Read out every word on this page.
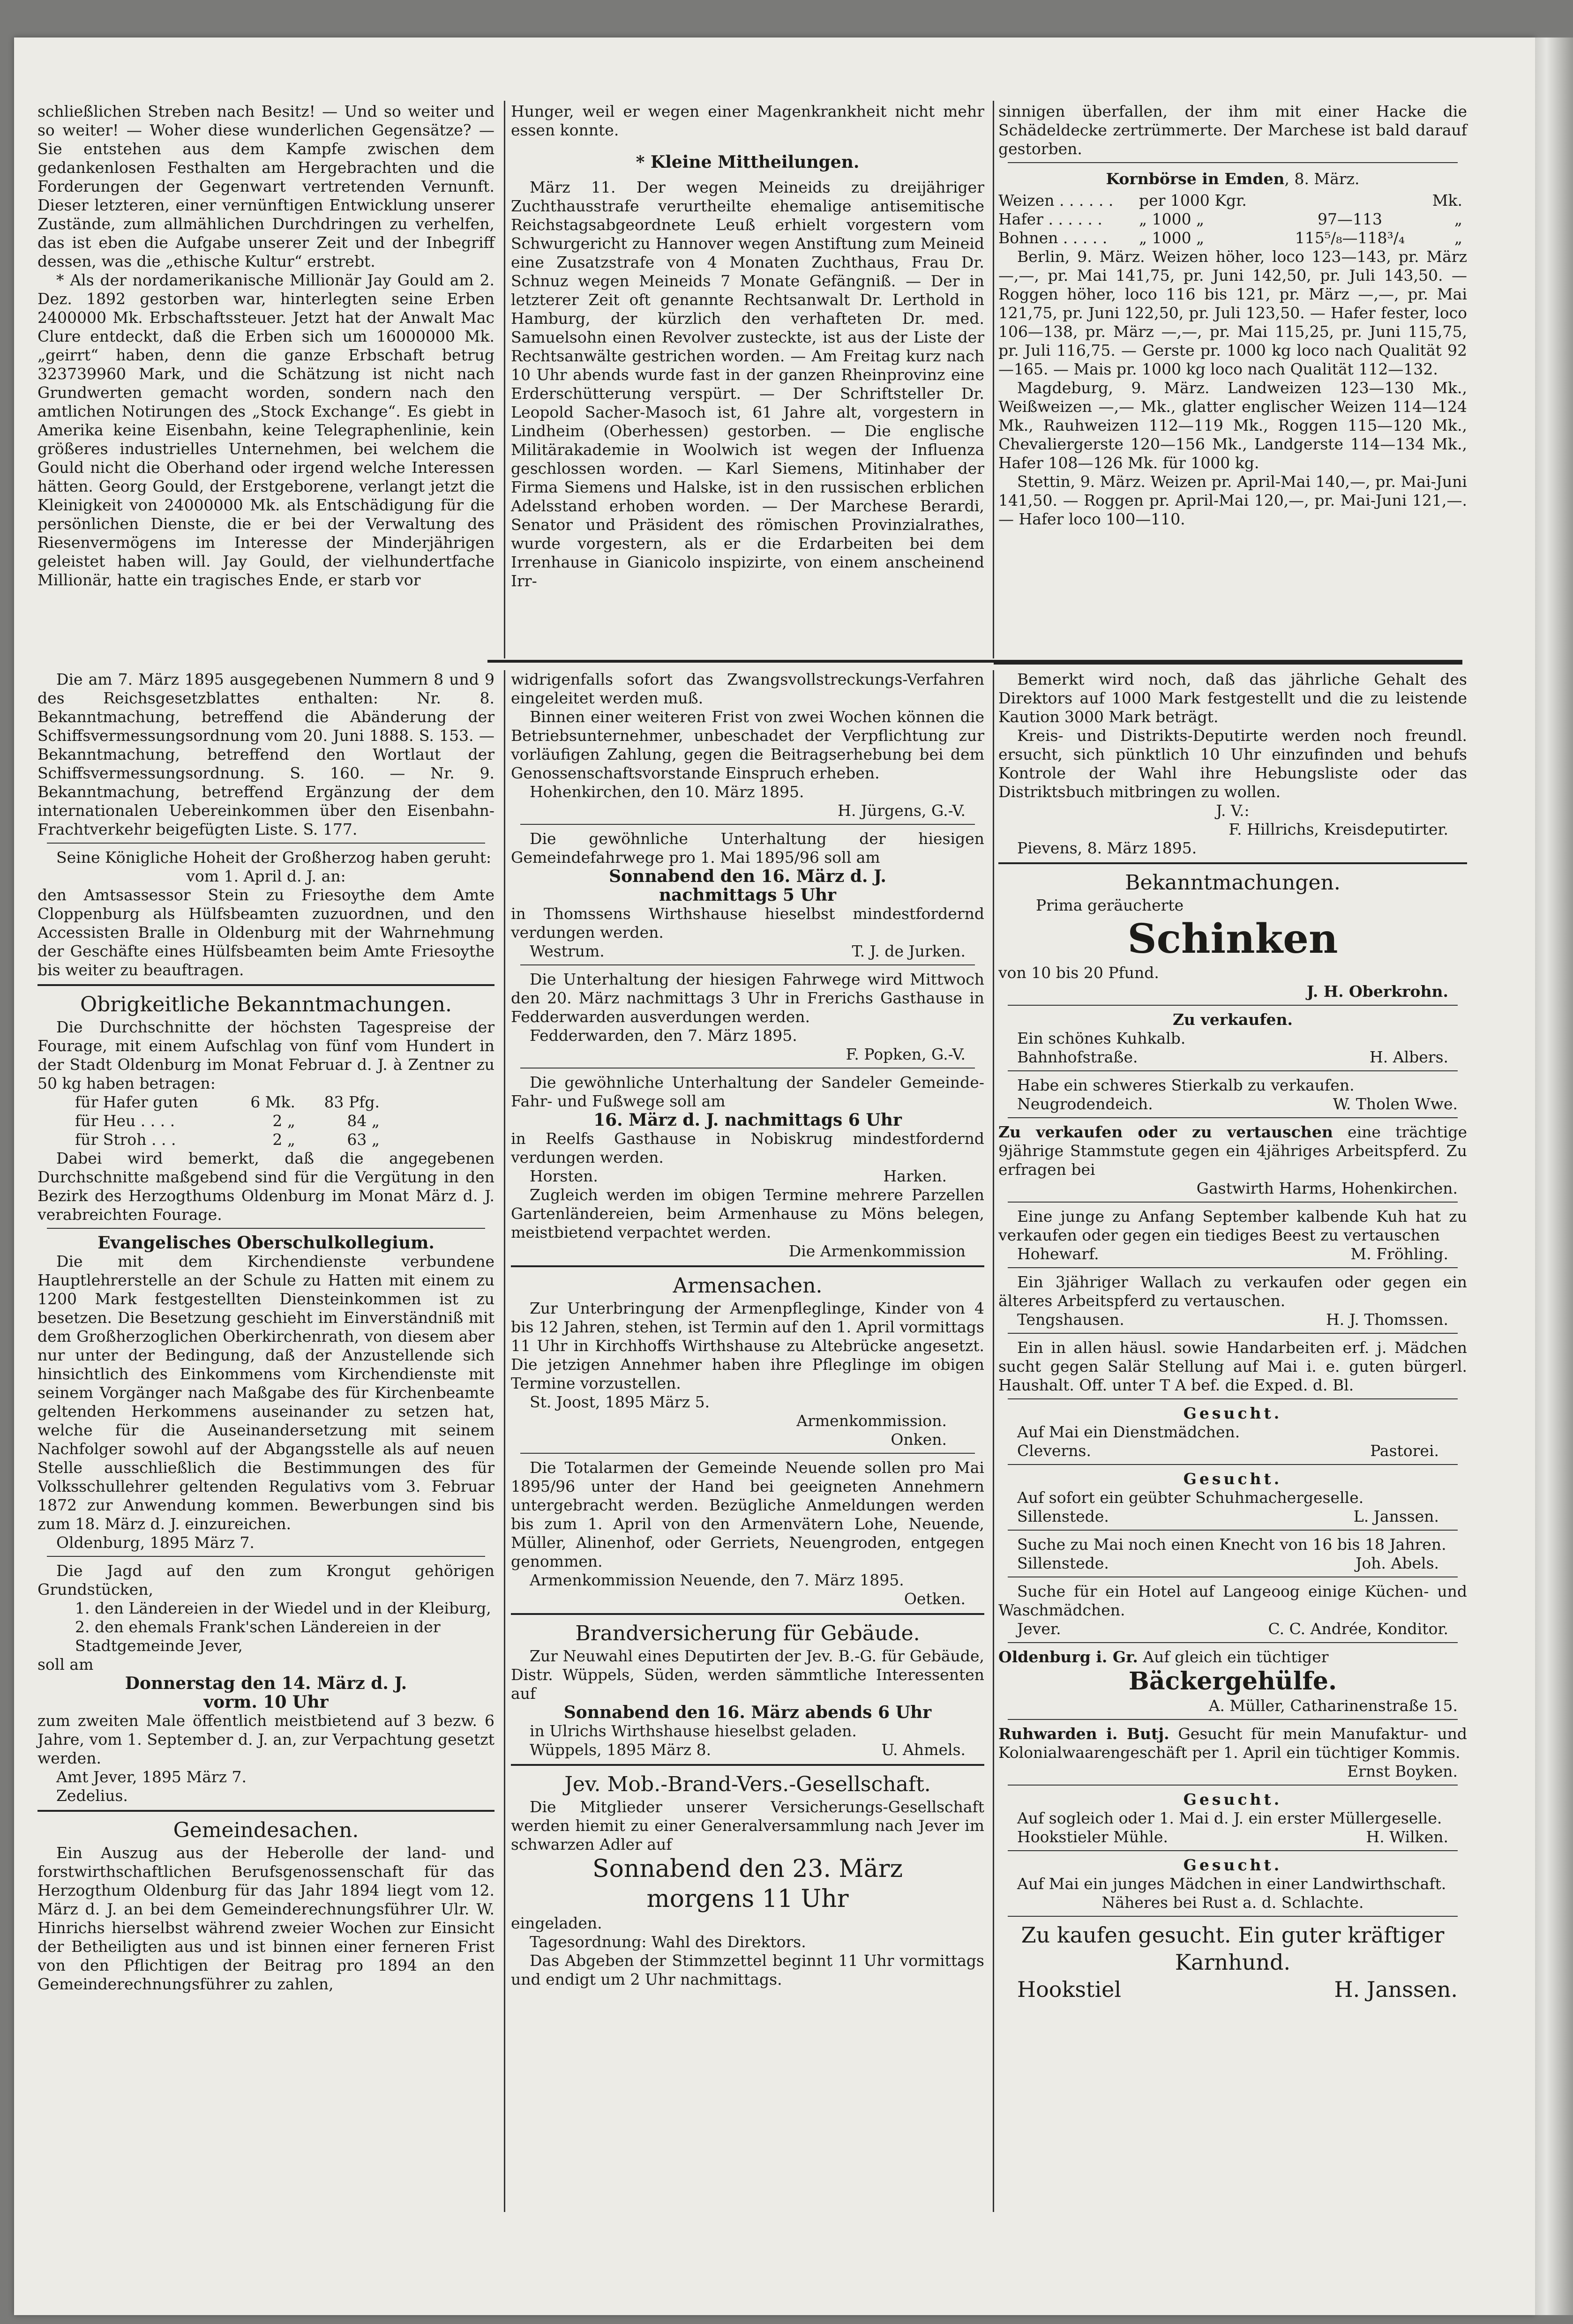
schließlichen Streben nach Besitz! — Und so weiter und so weiter! — Woher diese wunderlichen Gegensätze? — Sie entstehen aus dem Kampfe zwischen dem gedankenlosen Festhalten am Hergebrachten und die Forderungen der Gegenwart vertretenden Vernunft. Dieser letzteren, einer vernünftigen Entwicklung unserer Zustände, zum allmählichen Durchdringen zu verhelfen, das ist eben die Aufgabe unserer Zeit und der Inbegriff dessen, was die „ethische Kultur“ erstrebt.

* Als der nordamerikanische Millionär Jay Gould am 2. Dez. 1892 gestorben war, hinterlegten seine Erben 2400000 Mk. Erbschaftssteuer. Jetzt hat der Anwalt Mac Clure entdeckt, daß die Erben sich um 16000000 Mk. „geirrt“ haben, denn die ganze Erbschaft betrug 323739960 Mark, und die Schätzung ist nicht nach Grundwerten gemacht worden, sondern nach den amtlichen Notirungen des „Stock Exchange“. Es giebt in Amerika keine Eisenbahn, keine Telegraphenlinie, kein größeres industrielles Unternehmen, bei welchem die Gould nicht die Oberhand oder irgend welche Interessen hätten. Georg Gould, der Erstgeborene, verlangt jetzt die Kleinigkeit von 24000000 Mk. als Entschädigung für die persönlichen Dienste, die er bei der Verwaltung des Riesenvermögens im Interesse der Minderjährigen geleistet haben will. Jay Gould, der vielhundertfache Millionär, hatte ein tragisches Ende, er starb vor

Hunger, weil er wegen einer Magenkrankheit nicht mehr essen konnte.

* Kleine Mittheilungen.

März 11. Der wegen Meineids zu dreijähriger Zuchthausstrafe verurtheilte ehemalige antisemitische Reichstagsabgeordnete Leuß erhielt vorgestern vom Schwurgericht zu Hannover wegen Anstiftung zum Meineid eine Zusatzstrafe von 4 Monaten Zuchthaus, Frau Dr. Schnuz wegen Meineids 7 Monate Gefängniß. — Der in letzterer Zeit oft genannte Rechtsanwalt Dr. Lerthold in Hamburg, der kürzlich den verhafteten Dr. med. Samuelsohn einen Revolver zusteckte, ist aus der Liste der Rechtsanwälte gestrichen worden. — Am Freitag kurz nach 10 Uhr abends wurde fast in der ganzen Rheinprovinz eine Erderschütterung verspürt. — Der Schriftsteller Dr. Leopold Sacher-Masoch ist, 61 Jahre alt, vorgestern in Lindheim (Oberhessen) gestorben. — Die englische Militärakademie in Woolwich ist wegen der Influenza geschlossen worden. — Karl Siemens, Mitinhaber der Firma Siemens und Halske, ist in den russischen erblichen Adelsstand erhoben worden. — Der Marchese Berardi, Senator und Präsident des römischen Provinzialrathes, wurde vorgestern, als er die Erdarbeiten bei dem Irrenhause in Gianicolo inspizirte, von einem anscheinend Irr-

sinnigen überfallen, der ihm mit einer Hacke die Schädeldecke zertrümmerte. Der Marchese ist bald darauf gestorben.

Kornbörse in Emden, 8. März.

Weizen . . . . . .	per 1000 Kgr.	Mk.
Hafer . . . . . .	„ 1000 „	97—113	„
Bohnen . . . . .	„ 1000 „	115⁵/₈—118³/₄	„

Berlin, 9. März. Weizen höher, loco 123—143, pr. März —,—, pr. Mai 141,75, pr. Juni 142,50, pr. Juli 143,50. — Roggen höher, loco 116 bis 121, pr. März —,—, pr. Mai 121,75, pr. Juni 122,50, pr. Juli 123,50. — Hafer fester, loco 106—138, pr. März —,—, pr. Mai 115,25, pr. Juni 115,75, pr. Juli 116,75. — Gerste pr. 1000 kg loco nach Qualität 92—165. — Mais pr. 1000 kg loco nach Qualität 112—132.

Magdeburg, 9. März. Landweizen 123—130 Mk., Weißweizen —,— Mk., glatter englischer Weizen 114—124 Mk., Rauhweizen 112—119 Mk., Roggen 115—120 Mk., Chevaliergerste 120—156 Mk., Landgerste 114—134 Mk., Hafer 108—126 Mk. für 1000 kg.

Stettin, 9. März. Weizen pr. April-Mai 140,—, pr. Mai-Juni 141,50. — Roggen pr. April-Mai 120,—, pr. Mai-Juni 121,—. — Hafer loco 100—110.

Die am 7. März 1895 ausgegebenen Nummern 8 und 9 des Reichsgesetzblattes enthalten: Nr. 8. Bekanntmachung, betreffend die Abänderung der Schiffsvermessungsordnung vom 20. Juni 1888. S. 153. — Bekanntmachung, betreffend den Wortlaut der Schiffsvermessungsordnung. S. 160. — Nr. 9. Bekanntmachung, betreffend Ergänzung der dem internationalen Uebereinkommen über den Eisenbahn-Frachtverkehr beigefügten Liste. S. 177.

Seine Königliche Hoheit der Großherzog haben geruht:

vom 1. April d. J. an:

den Amtsassessor Stein zu Friesoythe dem Amte Cloppenburg als Hülfsbeamten zuzuordnen, und den Accessisten Bralle in Oldenburg mit der Wahrnehmung der Geschäfte eines Hülfsbeamten beim Amte Friesoythe bis weiter zu beauftragen.

Obrigkeitliche Bekanntmachungen.

Die Durchschnitte der höchsten Tagespreise der Fourage, mit einem Aufschlag von fünf vom Hundert in der Stadt Oldenburg im Monat Februar d. J. à Zentner zu 50 kg haben betragen:

für Hafer guten	6 Mk.	83 Pfg.
für Heu . . . .	2 „	84 „
für Stroh . . .	2 „	63 „

Dabei wird bemerkt, daß die angegebenen Durchschnitte maßgebend sind für die Vergütung in den Bezirk des Herzogthums Oldenburg im Monat März d. J. verabreichten Fourage.

Evangelisches Oberschulkollegium.

Die mit dem Kirchendienste verbundene Hauptlehrerstelle an der Schule zu Hatten mit einem zu 1200 Mark festgestellten Diensteinkommen ist zu besetzen. Die Besetzung geschieht im Einverständniß mit dem Großherzoglichen Oberkirchenrath, von diesem aber nur unter der Bedingung, daß der Anzustellende sich hinsichtlich des Einkommens vom Kirchendienste mit seinem Vorgänger nach Maßgabe des für Kirchenbeamte geltenden Herkommens auseinander zu setzen hat, welche für die Auseinandersetzung mit seinem Nachfolger sowohl auf der Abgangsstelle als auf neuen Stelle ausschließlich die Bestimmungen des für Volksschullehrer geltenden Regulativs vom 3. Februar 1872 zur Anwendung kommen. Bewerbungen sind bis zum 18. März d. J. einzureichen.

Oldenburg, 1895 März 7.

Die Jagd auf den zum Krongut gehörigen Grundstücken,

1. den Ländereien in der Wiedel und in der Kleiburg,

2. den ehemals Frank'schen Ländereien in der Stadtgemeinde Jever,

soll am

Donnerstag den 14. März d. J.

vorm. 10 Uhr

zum zweiten Male öffentlich meistbietend auf 3 bezw. 6 Jahre, vom 1. September d. J. an, zur Verpachtung gesetzt werden.

Amt Jever, 1895 März 7.

Zedelius.

Gemeindesachen.

Ein Auszug aus der Heberolle der land- und forstwirthschaftlichen Berufsgenossenschaft für das Herzogthum Oldenburg für das Jahr 1894 liegt vom 12. März d. J. an bei dem Gemeinderechnungsführer Ulr. W. Hinrichs hierselbst während zweier Wochen zur Einsicht der Betheiligten aus und ist binnen einer ferneren Frist von den Pflichtigen der Beitrag pro 1894 an den Gemeinderechnungsführer zu zahlen,

widrigenfalls sofort das Zwangsvollstreckungs-Verfahren eingeleitet werden muß.

Binnen einer weiteren Frist von zwei Wochen können die Betriebsunternehmer, unbeschadet der Verpflichtung zur vorläufigen Zahlung, gegen die Beitragserhebung bei dem Genossenschaftsvorstande Einspruch erheben.

Hohenkirchen, den 10. März 1895.

H. Jürgens, G.-V.

Die gewöhnliche Unterhaltung der hiesigen Gemeindefahrwege pro 1. Mai 1895/96 soll am

Sonnabend den 16. März d. J.

nachmittags 5 Uhr

in Thomssens Wirthshause hieselbst mindestfordernd verdungen werden.

Westrum.	T. J. de Jurken.

Die Unterhaltung der hiesigen Fahrwege wird Mittwoch den 20. März nachmittags 3 Uhr in Frerichs Gasthause in Fedderwarden ausverdungen werden.

Fedderwarden, den 7. März 1895.

F. Popken, G.-V.

Die gewöhnliche Unterhaltung der Sandeler Gemeinde-Fahr- und Fußwege soll am

16. März d. J. nachmittags 6 Uhr

in Reelfs Gasthause in Nobiskrug mindestfordernd verdungen werden.

Horsten.	Harken.

Zugleich werden im obigen Termine mehrere Parzellen Gartenländereien, beim Armenhause zu Möns belegen, meistbietend verpachtet werden.

Die Armenkommission

Armensachen.

Zur Unterbringung der Armenpfleglinge, Kinder von 4 bis 12 Jahren, stehen, ist Termin auf den 1. April vormittags 11 Uhr in Kirchhoffs Wirthshause zu Altebrücke angesetzt. Die jetzigen Annehmer haben ihre Pfleglinge im obigen Termine vorzustellen.

St. Joost, 1895 März 5.

Armenkommission.

Onken.

Die Totalarmen der Gemeinde Neuende sollen pro Mai 1895/96 unter der Hand bei geeigneten Annehmern untergebracht werden. Bezügliche Anmeldungen werden bis zum 1. April von den Armenvätern Lohe, Neuende, Müller, Alinenhof, oder Gerriets, Neuengroden, entgegen genommen.

Armenkommission Neuende, den 7. März 1895.

Oetken.

Brandversicherung für Gebäude.

Zur Neuwahl eines Deputirten der Jev. B.-G. für Gebäude, Distr. Wüppels, Süden, werden sämmtliche Interessenten auf

Sonnabend den 16. März abends 6 Uhr

in Ulrichs Wirthshause hieselbst geladen.

Wüppels, 1895 März 8.	U. Ahmels.

Jev. Mob.-Brand-Vers.-Gesellschaft.

Die Mitglieder unserer Versicherungs-Gesellschaft werden hiemit zu einer Generalversammlung nach Jever im schwarzen Adler auf

Sonnabend den 23. März

morgens 11 Uhr

eingeladen.

Tagesordnung: Wahl des Direktors.

Das Abgeben der Stimmzettel beginnt 11 Uhr vormittags und endigt um 2 Uhr nachmittags.

Bemerkt wird noch, daß das jährliche Gehalt des Direktors auf 1000 Mark festgestellt und die zu leistende Kaution 3000 Mark beträgt.

Kreis- und Distrikts-Deputirte werden noch freundl. ersucht, sich pünktlich 10 Uhr einzufinden und behufs Kontrole der Wahl ihre Hebungsliste oder das Distriktsbuch mitbringen zu wollen.

J. V.:

F. Hillrichs, Kreisdeputirter.

Pievens, 8. März 1895.

Bekanntmachungen.

Prima geräucherte

Schinken

von 10 bis 20 Pfund.

J. H. Oberkrohn.

Zu verkaufen.

Ein schönes Kuhkalb.

Bahnhofstraße.	H. Albers.

Habe ein schweres Stierkalb zu verkaufen.

Neugrodendeich.	W. Tholen Wwe.

Zu verkaufen oder zu vertauschen eine trächtige 9jährige Stammstute gegen ein 4jähriges Arbeitspferd. Zu erfragen bei

Gastwirth Harms, Hohenkirchen.

Eine junge zu Anfang September kalbende Kuh hat zu verkaufen oder gegen ein tiediges Beest zu vertauschen

Hohewarf.	M. Fröhling.

Ein 3jähriger Wallach zu verkaufen oder gegen ein älteres Arbeitspferd zu vertauschen.

Tengshausen.	H. J. Thomssen.

Ein in allen häusl. sowie Handarbeiten erf. j. Mädchen sucht gegen Salär Stellung auf Mai i. e. guten bürgerl. Haushalt. Off. unter T A bef. die Exped. d. Bl.

Gesucht.

Auf Mai ein Dienstmädchen.

Cleverns.	Pastorei.

Gesucht.

Auf sofort ein geübter Schuhmachergeselle.

Sillenstede.	L. Janssen.

Suche zu Mai noch einen Knecht von 16 bis 18 Jahren.

Sillenstede.	Joh. Abels.

Suche für ein Hotel auf Langeoog einige Küchen- und Waschmädchen.

Jever.	C. C. Andrée, Konditor.

Oldenburg i. Gr. Auf gleich ein tüchtiger

Bäckergehülfe.

A. Müller, Catharinenstraße 15.

Ruhwarden i. Butj. Gesucht für mein Manufaktur- und Kolonialwaarengeschäft per 1. April ein tüchtiger Kommis.

Ernst Boyken.

Gesucht.

Auf sogleich oder 1. Mai d. J. ein erster Müllergeselle.

Hookstieler Mühle.	H. Wilken.

Gesucht.

Auf Mai ein junges Mädchen in einer Landwirthschaft.

Näheres bei Rust a. d. Schlachte.

Zu kaufen gesucht. Ein guter kräftiger Karnhund.

Hookstiel	H. Janssen.
